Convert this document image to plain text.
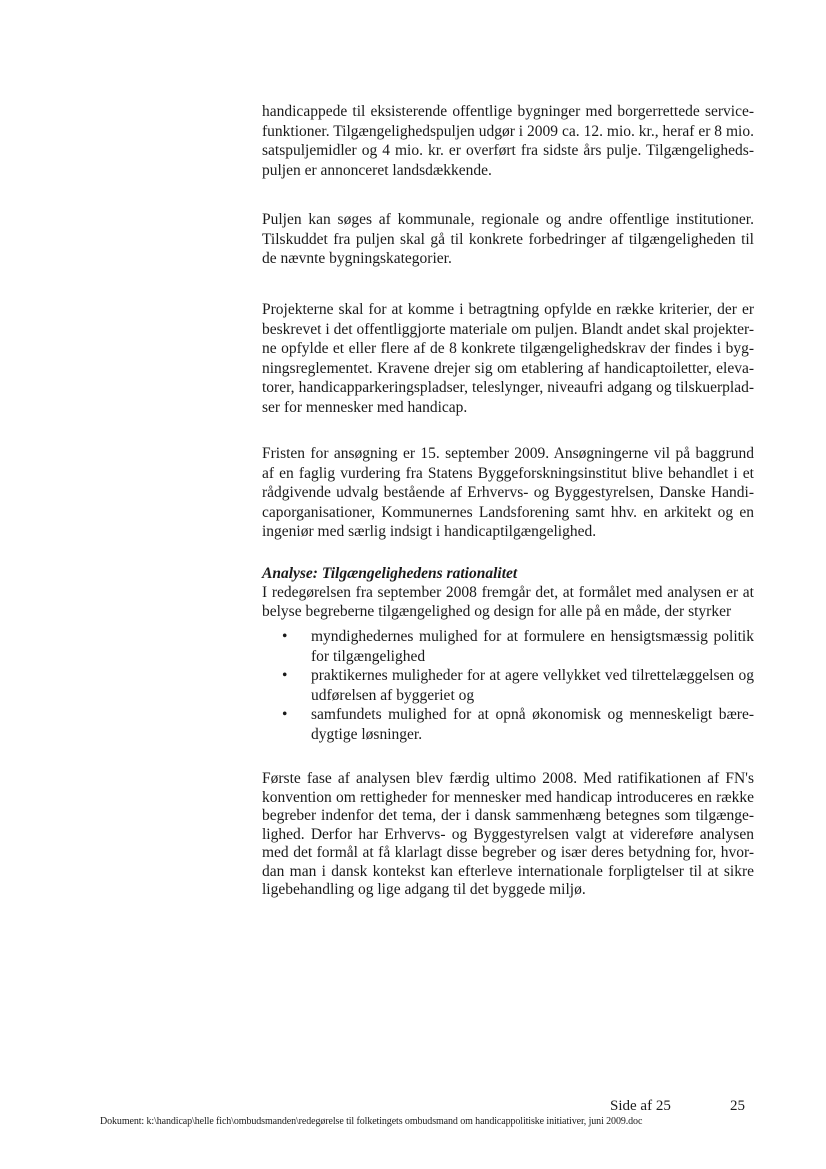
handicappede til eksisterende offentlige bygninger med borgerrettede service-funktioner. Tilgængelighedspuljen udgør i 2009 ca. 12. mio. kr., heraf er 8 mio. satspuljemidler og 4 mio. kr. er overført fra sidste års pulje. Tilgængeligheds-puljen er annonceret landsdækkende.

Puljen kan søges af kommunale, regionale og andre offentlige institutioner. Tilskuddet fra puljen skal gå til konkrete forbedringer af tilgængeligheden til de nævnte bygningskategorier.

Projekterne skal for at komme i betragtning opfylde en række kriterier, der er beskrevet i det offentliggjorte materiale om puljen. Blandt andet skal projekter-ne opfylde et eller flere af de 8 konkrete tilgængelighedskrav der findes i byg-ningsreglementet. Kravene drejer sig om etablering af handicaptoiletter, eleva-torer, handicapparkeringspladser, teleslynger, niveaufri adgang og tilskuerplad-ser for mennesker med handicap.

Fristen for ansøgning er 15. september 2009. Ansøgningerne vil på baggrund af en faglig vurdering fra Statens Byggeforskningsinstitut blive behandlet i et rådgivende udvalg bestående af Erhvervs- og Byggestyrelsen, Danske Handi-caporganisationer, Kommunernes Landsforening samt hhv. en arkitekt og en ingeniør med særlig indsigt i handicaptilgængelighed.

Analyse: Tilgængelighedens rationalitet

I redegørelsen fra september 2008 fremgår det, at formålet med analysen er at belyse begreberne tilgængelighed og design for alle på en måde, der styrker

•	myndighedernes mulighed for at formulere en hensigtsmæssig politik for tilgængelighed
•	praktikernes muligheder for at agere vellykket ved tilrettelæggelsen og udførelsen af byggeriet og
•	samfundets mulighed for at opnå økonomisk og menneskeligt bære-dygtige løsninger.

Første fase af analysen blev færdig ultimo 2008. Med ratifikationen af FN's konvention om rettigheder for mennesker med handicap introduceres en række begreber indenfor det tema, der i dansk sammenhæng betegnes som tilgænge-lighed. Derfor har Erhvervs- og Byggestyrelsen valgt at videreføre analysen med det formål at få klarlagt disse begreber og især deres betydning for, hvor-dan man i dansk kontekst kan efterleve internationale forpligtelser til at sikre ligebehandling og lige adgang til det byggede miljø.

Side af 25	25
Dokument: k:\handicap\helle fich\ombudsmanden\redegørelse til folketingets ombudsmand om handicappolitiske initiativer, juni 2009.doc
